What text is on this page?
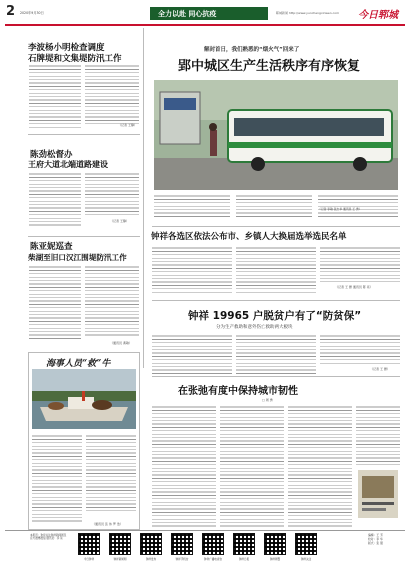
2 2020年9月30日	全力以赴 同心抗疫	郓城新闻 http://www.yunchengxinwen.com 今日郓城
李波杨小明检查调度
石牌堤和文集堤防汛工作
（记者 王静）
陈劲松督办
王府大道北端道路建设
（记者 王静）
陈亚妮巡查
柴湖至旧口汉江围堤防汛工作
（通讯员 黄敏）
海事人员“救”牛
（通讯员 张 伟 罗 浩）
解封首日，我们熟悉的“烟火气”回来了
郢中城区生产生活秩序有序恢复
（记者 李敏 张志华 通讯员 王 勇）
钟祥各选区依法公布市、乡镇人大换届选举选民名单
（记者 王 群 通讯员 陈 亮）
钟祥 19965 户脱贫户有了“防贫保”
分为生产救助和意外伤亡救助两大板块
（记者 王 群）
在张弛有度中保持城市韧性
□ 周 勇
本报讯：欢迎关注钟祥新闻网及官方微博微信 通讯员：李 亮
今日钟祥	钟祥新闻网	钟祥发布	钟祥手机台	钟祥广播电视台	钟祥日报	钟祥网警	钟祥关注
编辑：王 芳
校对：李 华
版式：张 强
